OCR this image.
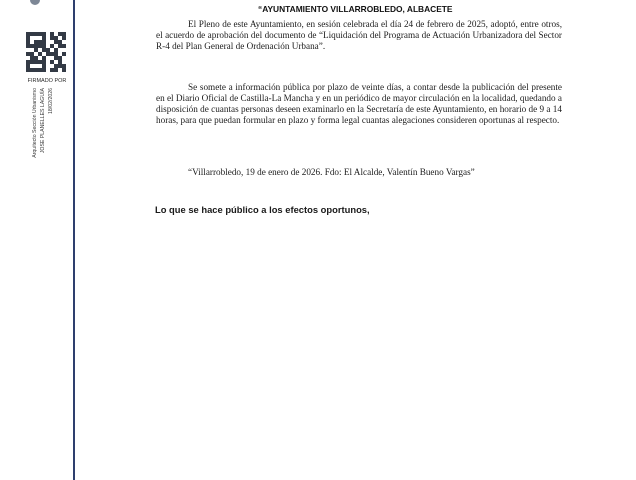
FIRMADO POR
Arquitecto Sección Urbanismo JOSE PLANELLES LAGUÍA 18/02/2026
“AYUNTAMIENTO VILLARROBLEDO, ALBACETE
El Pleno de este Ayuntamiento, en sesión celebrada el día 24 de febrero de 2025, adoptó, entre otros, el acuerdo de aprobación del documento de “Liquidación del Programa de Actuación Urbanizadora del Sector R-4 del Plan General de Ordenación Urbana”.
Se somete a información pública por plazo de veinte días, a contar desde la publicación del presente en el Diario Oficial de Castilla-La Mancha y en un periódico de mayor circulación en la localidad, quedando a disposición de cuantas personas deseen examinarlo en la Secretaría de este Ayuntamiento, en horario de 9 a 14 horas, para que puedan formular en plazo y forma legal cuantas alegaciones consideren oportunas al respecto.
“Villarrobledo, 19 de enero de 2026. Fdo: El Alcalde, Valentín Bueno Vargas”
Lo que se hace público a los efectos oportunos,
